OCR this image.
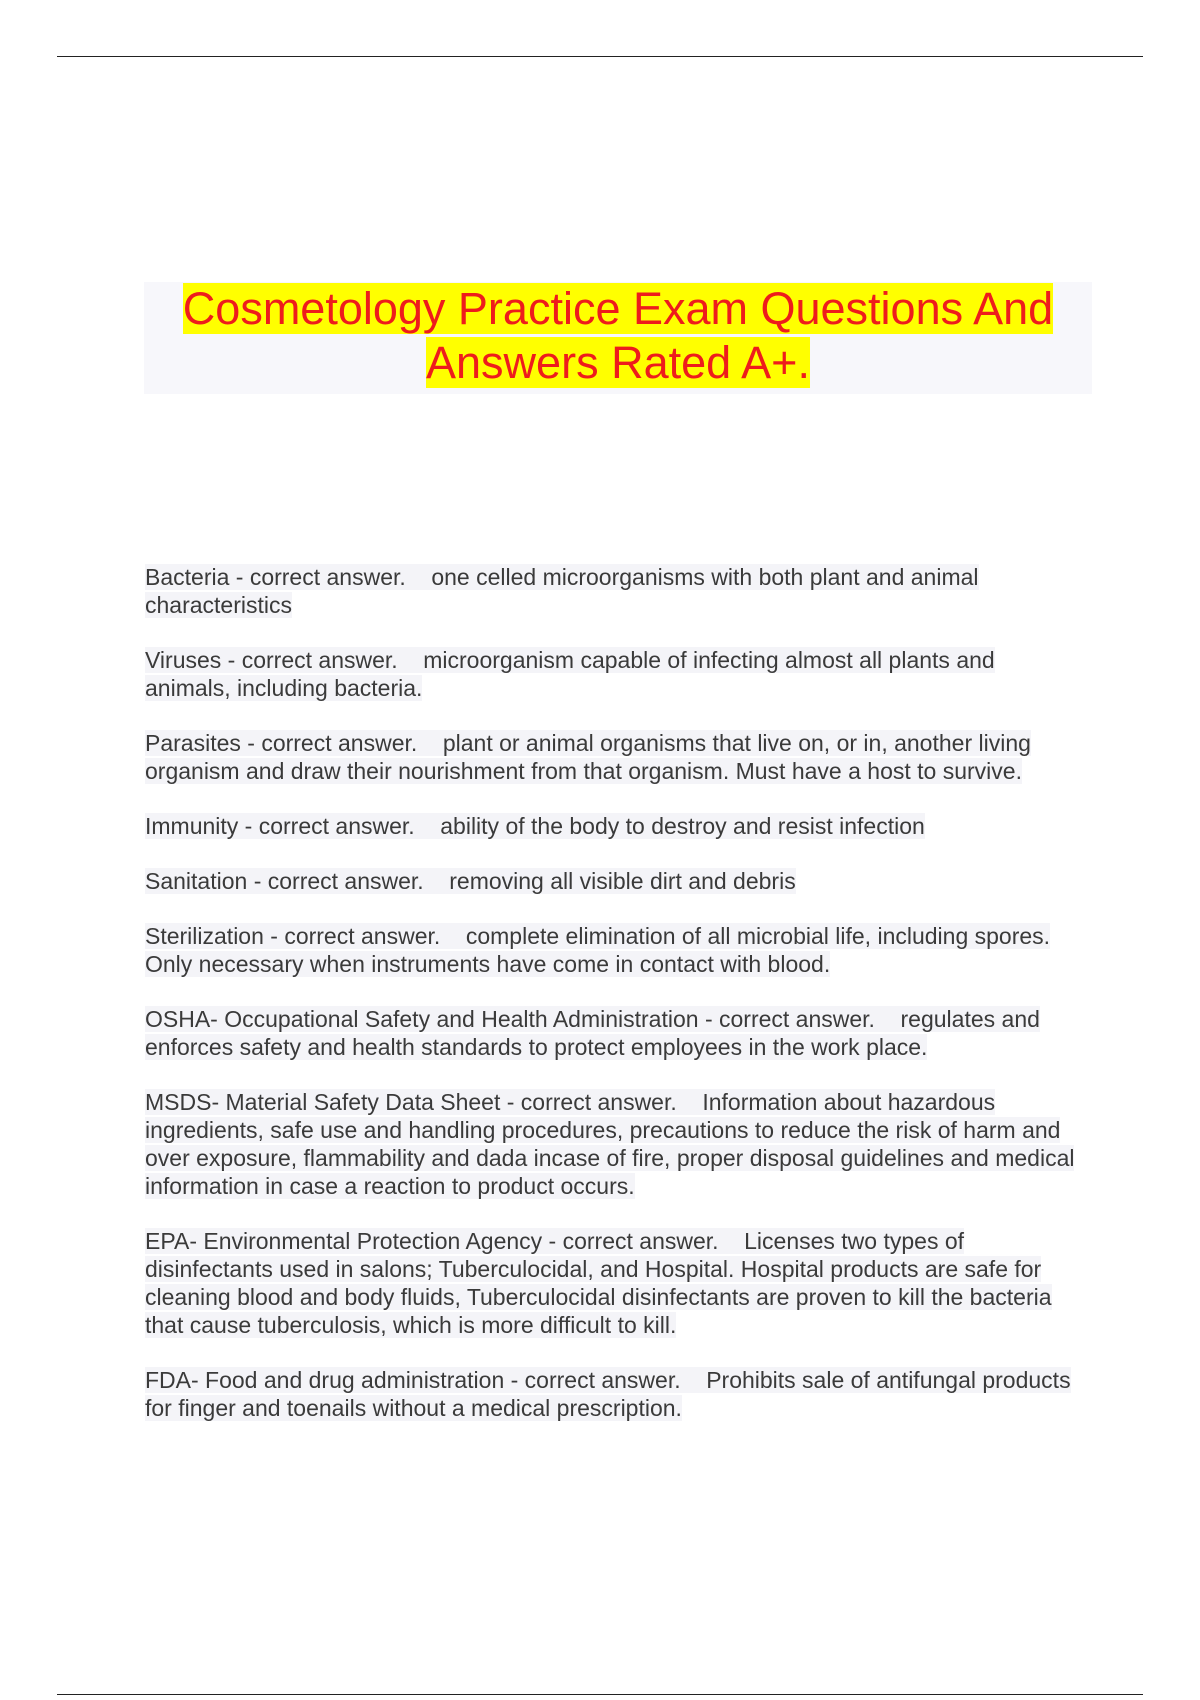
Cosmetology Practice Exam Questions And Answers Rated A+.

Bacteria - correct answer. one celled microorganisms with both plant and animal characteristics

Viruses - correct answer. microorganism capable of infecting almost all plants and animals, including bacteria.

Parasites - correct answer. plant or animal organisms that live on, or in, another living organism and draw their nourishment from that organism. Must have a host to survive.

Immunity - correct answer. ability of the body to destroy and resist infection

Sanitation - correct answer. removing all visible dirt and debris

Sterilization - correct answer. complete elimination of all microbial life, including spores. Only necessary when instruments have come in contact with blood.

OSHA- Occupational Safety and Health Administration - correct answer. regulates and enforces safety and health standards to protect employees in the work place.

MSDS- Material Safety Data Sheet - correct answer. Information about hazardous ingredients, safe use and handling procedures, precautions to reduce the risk of harm and over exposure, flammability and dada incase of fire, proper disposal guidelines and medical information in case a reaction to product occurs.

EPA- Environmental Protection Agency - correct answer. Licenses two types of disinfectants used in salons; Tuberculocidal, and Hospital. Hospital products are safe for cleaning blood and body fluids, Tuberculocidal disinfectants are proven to kill the bacteria that cause tuberculosis, which is more difficult to kill.

FDA- Food and drug administration - correct answer. Prohibits sale of antifungal products for finger and toenails without a medical prescription.
